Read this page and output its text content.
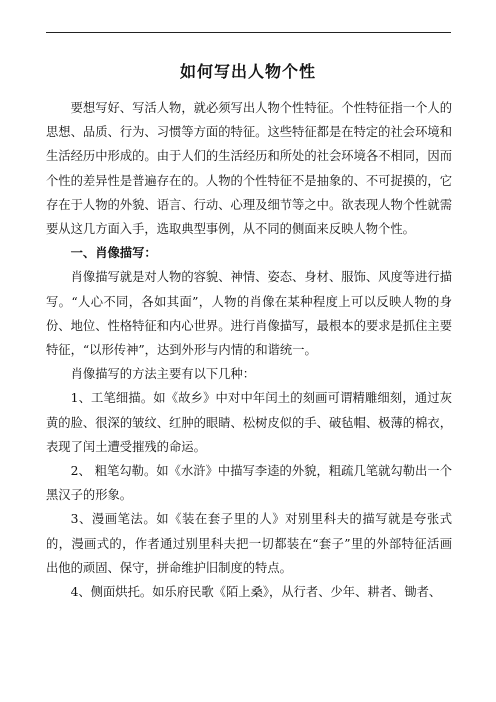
如何写出人物个性

要想写好、写活人物，就必须写出人物个性特征。个性特征指一个人的思想、品质、行为、习惯等方面的特征。这些特征都是在特定的社会环境和生活经历中形成的。由于人们的生活经历和所处的社会环境各不相同，因而个性的差异性是普遍存在的。人物的个性特征不是抽象的、不可捉摸的，它存在于人物的外貌、语言、行动、心理及细节等之中。欲表现人物个性就需要从这几方面入手，选取典型事例，从不同的侧面来反映人物个性。

一、肖像描写：

肖像描写就是对人物的容貌、神情、姿态、身材、服饰、风度等进行描写。“人心不同，各如其面”，人物的肖像在某种程度上可以反映人物的身份、地位、性格特征和内心世界。进行肖像描写，最根本的要求是抓住主要特征，“以形传神”，达到外形与内情的和谐统一。

肖像描写的方法主要有以下几种：

1、工笔细描。如《故乡》中对中年闰土的刻画可谓精雕细刻，通过灰黄的脸、很深的皱纹、红肿的眼睛、松树皮似的手、破毡帽、极薄的棉衣，表现了闰土遭受摧残的命运。

2、 粗笔勾勒。如《水浒》中描写李逵的外貌，粗疏几笔就勾勒出一个黑汉子的形象。

3、漫画笔法。如《装在套子里的人》对别里科夫的描写就是夸张式的，漫画式的，作者通过别里科夫把一切都装在“套子”里的外部特征活画出他的顽固、保守，拼命维护旧制度的特点。

4、侧面烘托。如乐府民歌《陌上桑》，从行者、少年、耕者、锄者、
